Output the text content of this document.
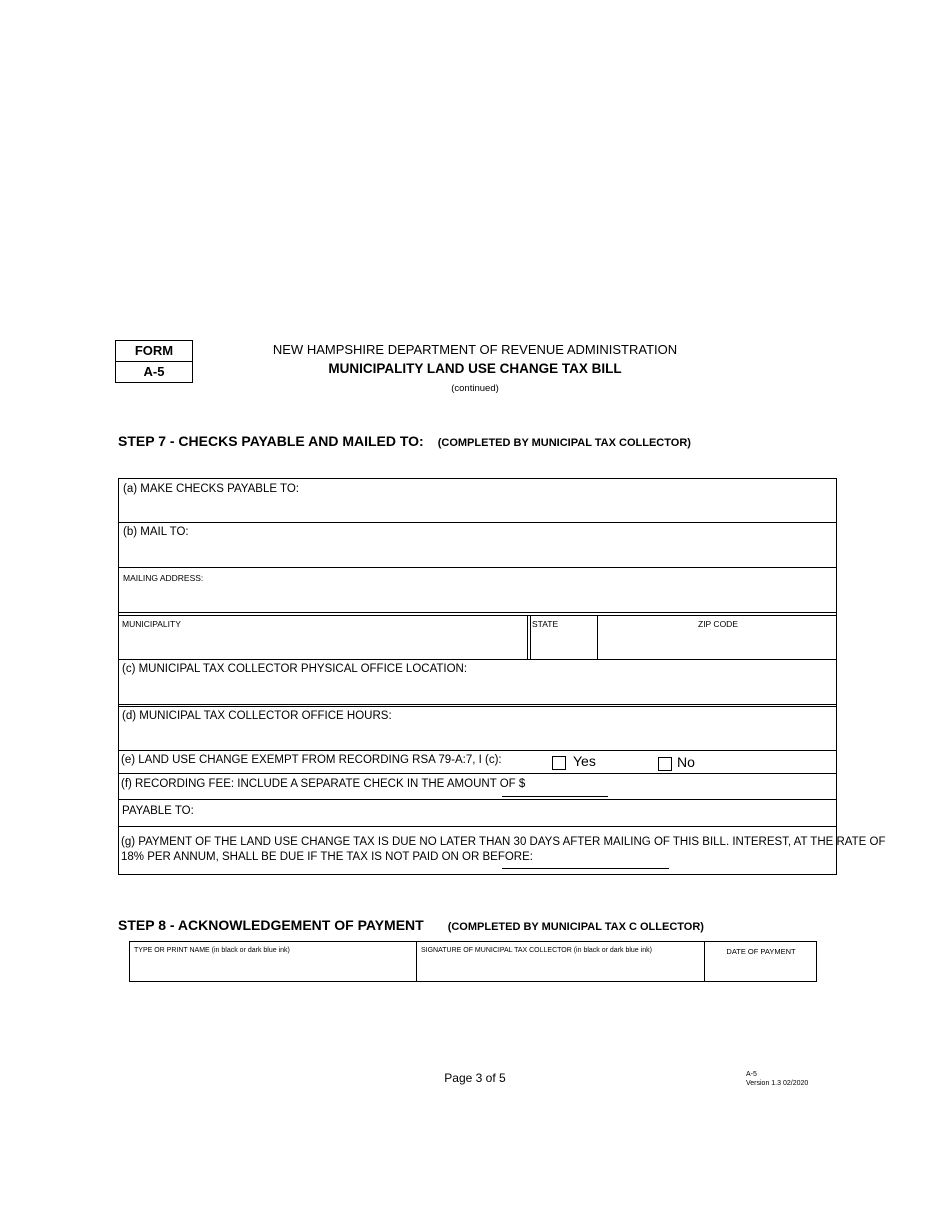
FORM
A-5
NEW HAMPSHIRE DEPARTMENT OF REVENUE ADMINISTRATION
MUNICIPALITY LAND USE CHANGE TAX BILL
(continued)
STEP 7 - CHECKS PAYABLE AND MAILED TO: (COMPLETED BY MUNICIPAL TAX COLLECTOR)
(a) MAKE CHECKS PAYABLE TO:
(b) MAIL TO:
MAILING ADDRESS:
MUNICIPALITY	STATE	ZIP CODE
(c) MUNICIPAL TAX COLLECTOR PHYSICAL OFFICE LOCATION:
(d) MUNICIPAL TAX COLLECTOR OFFICE HOURS:
(e) LAND USE CHANGE EXEMPT FROM RECORDING RSA 79-A:7, I (c):	Yes	No
(f) RECORDING FEE: INCLUDE A SEPARATE CHECK IN THE AMOUNT OF $
PAYABLE TO:
(g) PAYMENT OF THE LAND USE CHANGE TAX IS DUE NO LATER THAN 30 DAYS AFTER MAILING OF THIS BILL. INTEREST, AT THE RATE OF
18% PER ANNUM, SHALL BE DUE IF THE TAX IS NOT PAID ON OR BEFORE:
STEP 8 - ACKNOWLEDGEMENT OF PAYMENT (COMPLETED BY MUNICIPAL TAX C OLLECTOR)
TYPE OR PRINT NAME (in black or dark blue ink)	SIGNATURE OF MUNICIPAL TAX COLLECTOR (in black or dark blue ink)	DATE OF PAYMENT
Page 3 of 5	A-5
Version 1.3 02/2020
